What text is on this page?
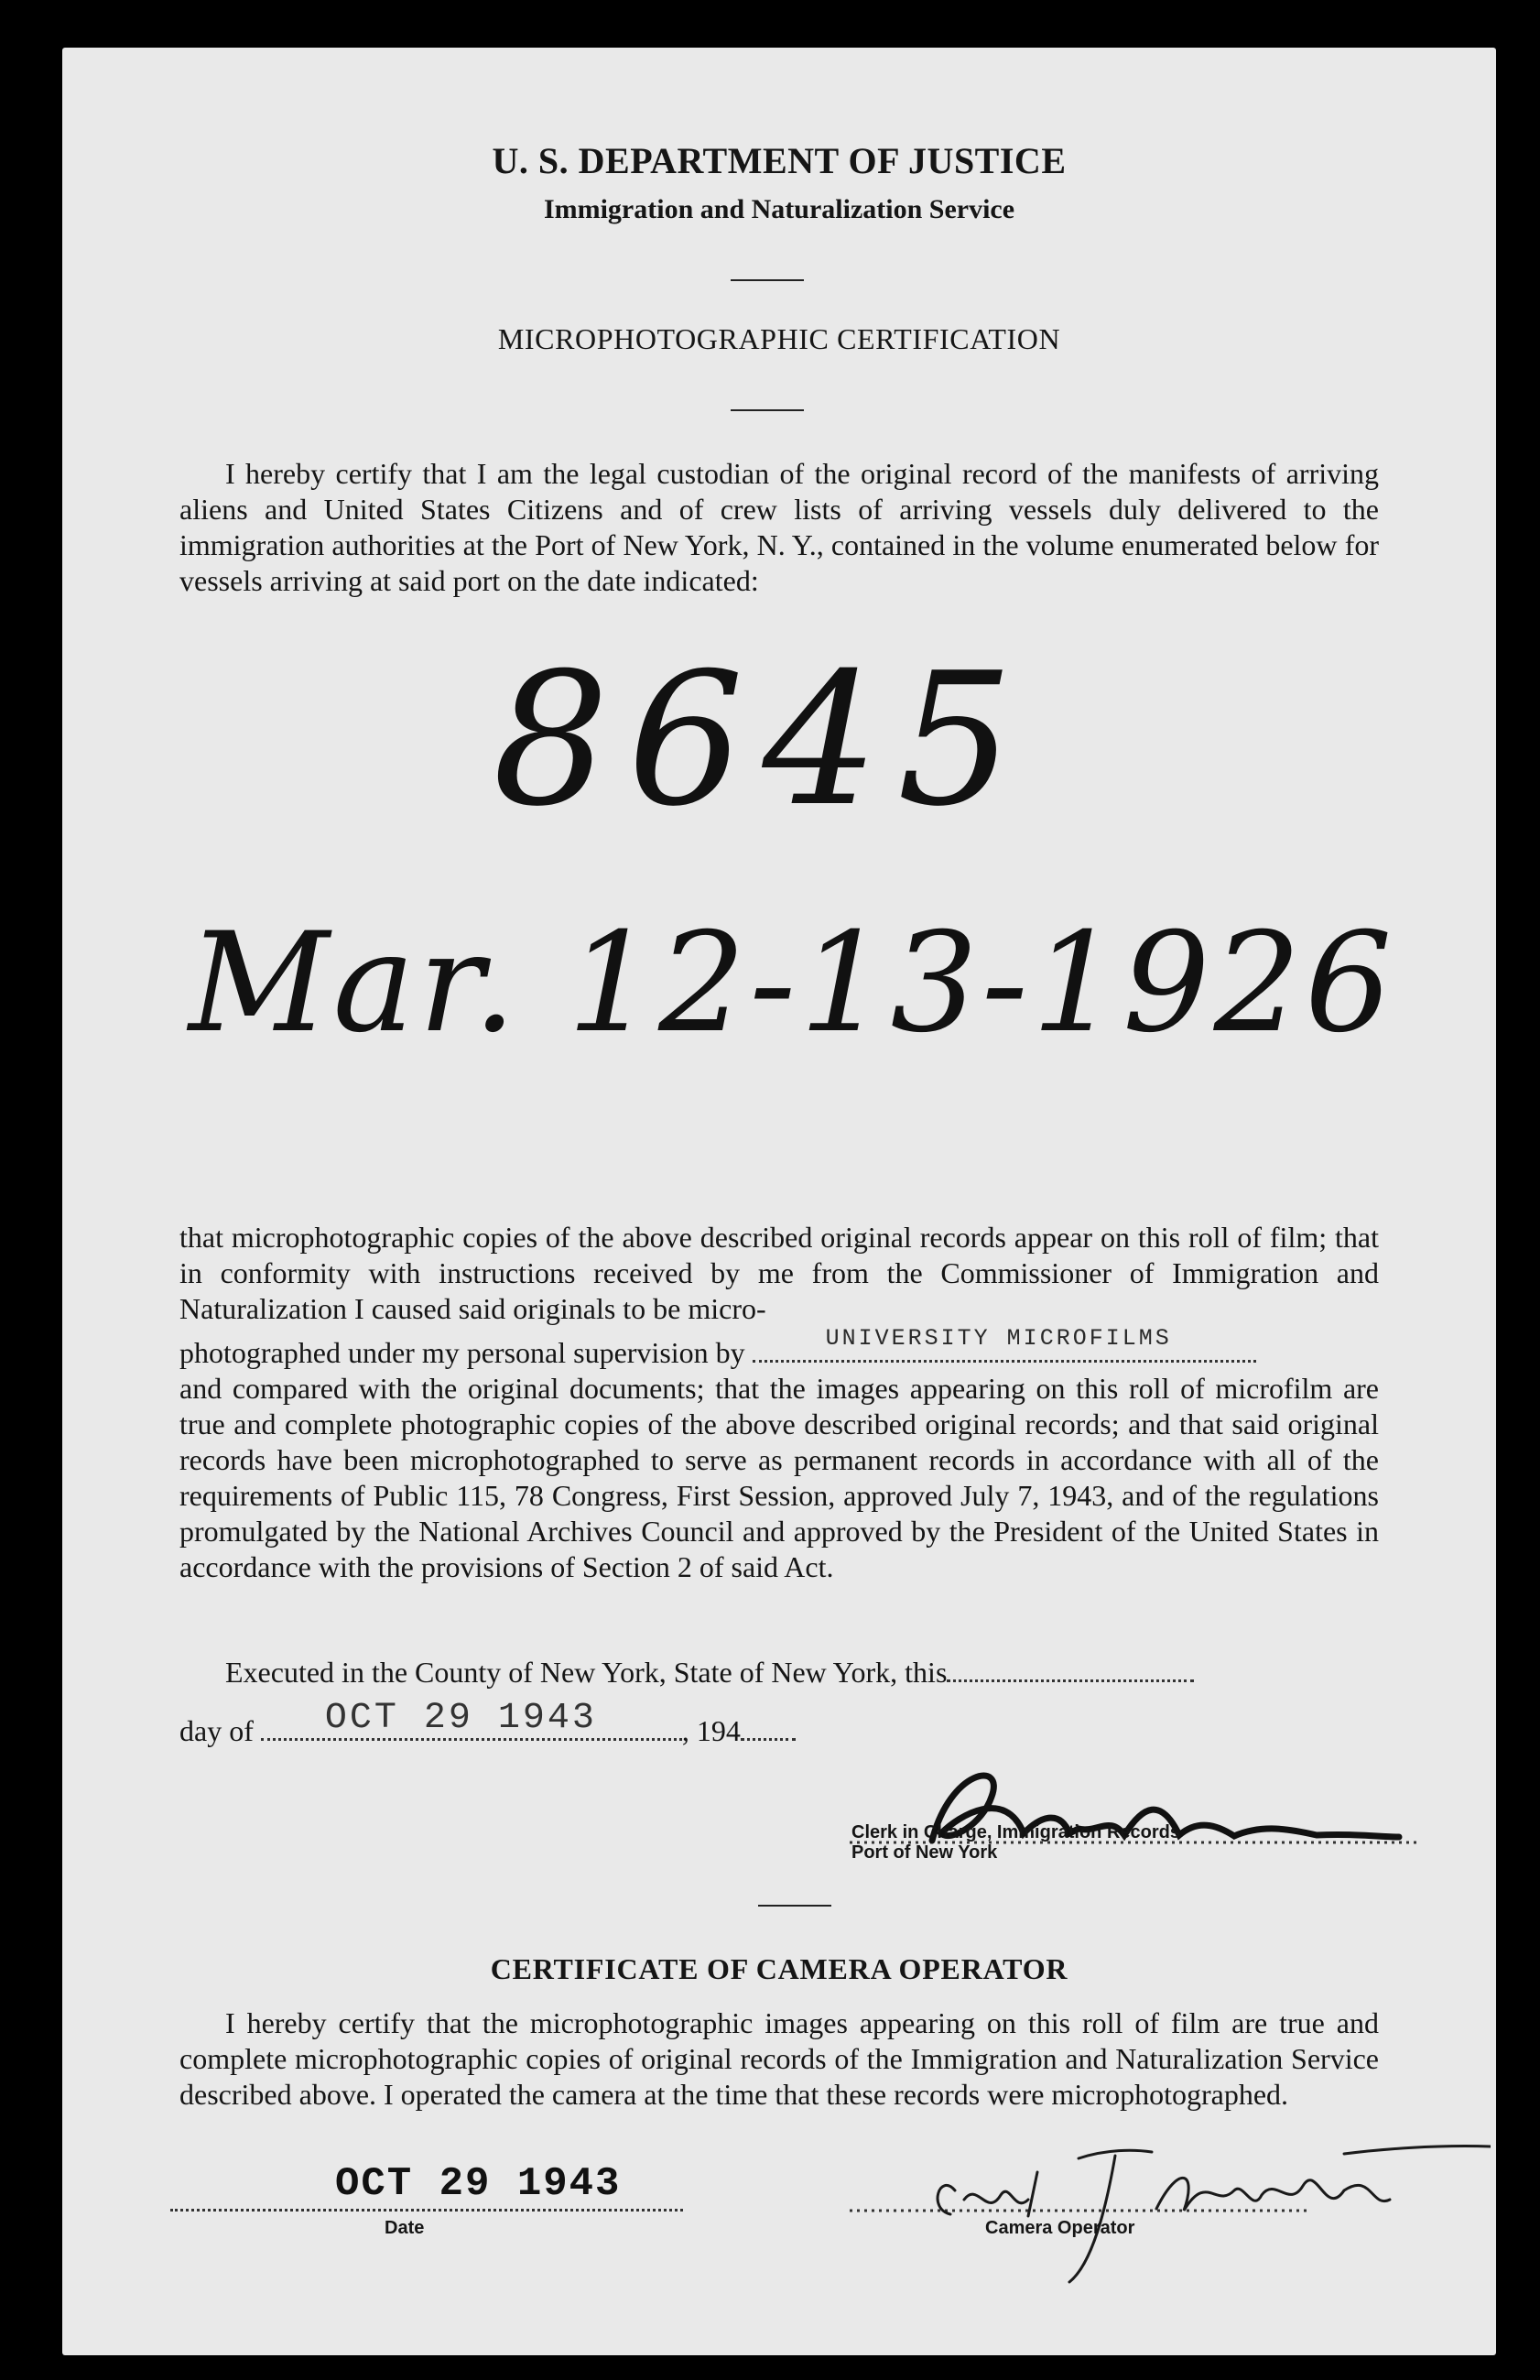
U. S. DEPARTMENT OF JUSTICE
Immigration and Naturalization Service
MICROPHOTOGRAPHIC CERTIFICATION

I hereby certify that I am the legal custodian of the original record of the manifests of arriving aliens and United States Citizens and of crew lists of arriving vessels duly delivered to the immigration authorities at the Port of New York, N. Y., contained in the volume enumerated below for vessels arriving at said port on the date indicated:

8645
Mar. 12-13-1926

that microphotographic copies of the above described original records appear on this roll of film; that in conformity with instructions received by me from the Commissioner of Immigration and Naturalization I caused said originals to be micro-

photographed under my personal supervision by	UNIVERSITY MICROFILMS

and compared with the original documents; that the images appearing on this roll of microfilm are true and complete photographic copies of the above described original records; and that said original records have been microphotographed to serve as permanent records in accordance with all of the requirements of Public 115, 78 Congress, First Session, approved July 7, 1943, and of the regulations promulgated by the National Archives Council and approved by the President of the United States in accordance with the provisions of Section 2 of said Act.

Executed in the County of New York, State of New York, this
day of OCT 29 1943	, 194
Clerk in Charge, Immigration Records
Port of New York
CERTIFICATE OF CAMERA OPERATOR

I hereby certify that the microphotographic images appearing on this roll of film are true and complete microphotographic copies of original records of the Immigration and Naturalization Service described above. I operated the camera at the time that these records were microphotographed.

OCT 29 1943
Date	Camera Operator
